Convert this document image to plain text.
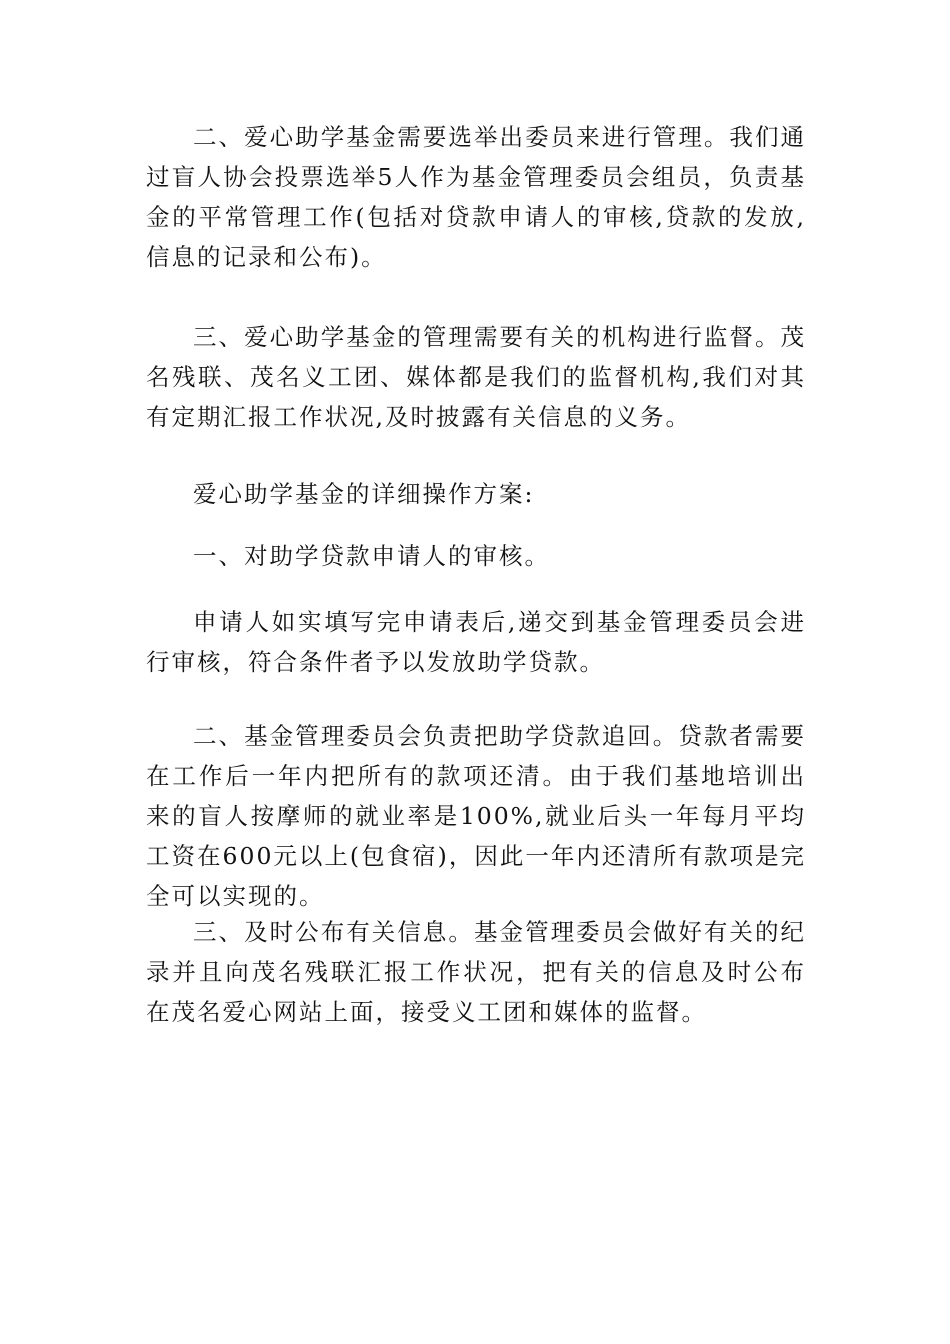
二、爱心助学基金需要选举出委员来进行管理。我们通过盲人协会投票选举5人作为基金管理委员会组员，负责基金的平常管理工作(包括对贷款申请人的审核,贷款的发放,信息的记录和公布)。

三、爱心助学基金的管理需要有关的机构进行监督。茂名残联、茂名义工团、媒体都是我们的监督机构,我们对其有定期汇报工作状况,及时披露有关信息的义务。

爱心助学基金的详细操作方案:

一、对助学贷款申请人的审核。

申请人如实填写完申请表后,递交到基金管理委员会进行审核，符合条件者予以发放助学贷款。

二、基金管理委员会负责把助学贷款追回。贷款者需要在工作后一年内把所有的款项还清。由于我们基地培训出来的盲人按摩师的就业率是100%,就业后头一年每月平均工资在600元以上(包食宿)，因此一年内还清所有款项是完全可以实现的。

三、及时公布有关信息。基金管理委员会做好有关的纪录并且向茂名残联汇报工作状况，把有关的信息及时公布在茂名爱心网站上面，接受义工团和媒体的监督。
